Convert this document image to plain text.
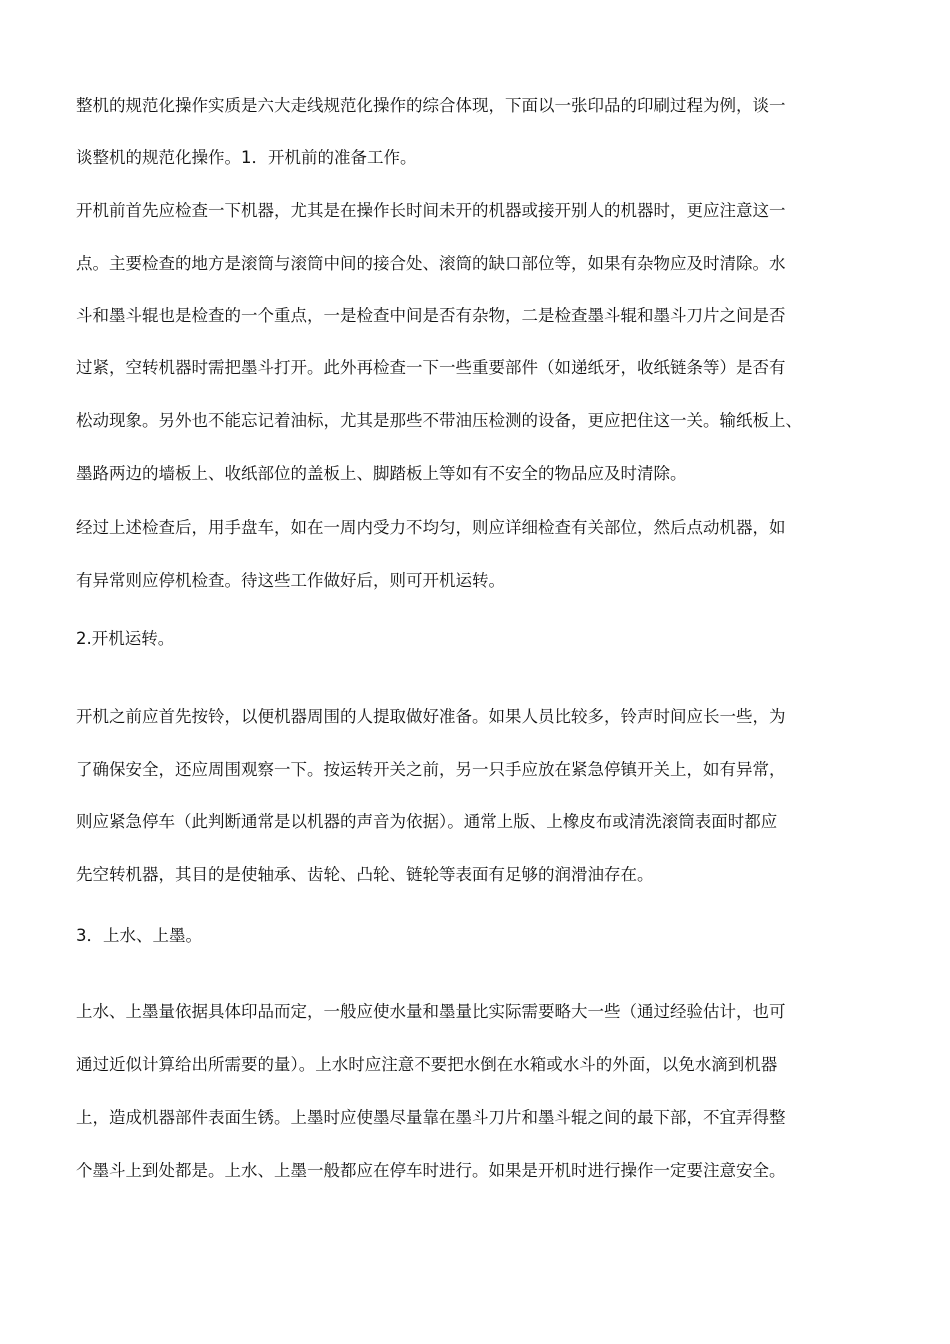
整机的规范化操作实质是六大走线规范化操作的综合体现，下面以一张印品的印刷过程为例，谈一
谈整机的规范化操作。1．开机前的准备工作。
开机前首先应检查一下机器，尤其是在操作长时间未开的机器或接开别人的机器时，更应注意这一
点。主要检查的地方是滚筒与滚筒中间的接合处、滚筒的缺口部位等，如果有杂物应及时清除。水
斗和墨斗辊也是检查的一个重点，一是检查中间是否有杂物，二是检查墨斗辊和墨斗刀片之间是否
过紧，空转机器时需把墨斗打开。此外再检查一下一些重要部件（如递纸牙，收纸链条等）是否有
松动现象。另外也不能忘记着油标，尤其是那些不带油压检测的设备，更应把住这一关。输纸板上、
墨路两边的墙板上、收纸部位的盖板上、脚踏板上等如有不安全的物品应及时清除。
经过上述检查后，用手盘车，如在一周内受力不均匀，则应详细检查有关部位，然后点动机器，如
有异常则应停机检查。待这些工作做好后，则可开机运转。
2.开机运转。
开机之前应首先按铃，以便机器周围的人提取做好准备。如果人员比较多，铃声时间应长一些，为
了确保安全，还应周围观察一下。按运转开关之前，另一只手应放在紧急停镇开关上，如有异常，
则应紧急停车（此判断通常是以机器的声音为依据）。通常上版、上橡皮布或清洗滚筒表面时都应
先空转机器，其目的是使轴承、齿轮、凸轮、链轮等表面有足够的润滑油存在。
3．上水、上墨。
上水、上墨量依据具体印品而定，一般应使水量和墨量比实际需要略大一些（通过经验估计，也可
通过近似计算给出所需要的量）。上水时应注意不要把水倒在水箱或水斗的外面，以免水滴到机器
上，造成机器部件表面生锈。上墨时应使墨尽量靠在墨斗刀片和墨斗辊之间的最下部，不宜弄得整
个墨斗上到处都是。上水、上墨一般都应在停车时进行。如果是开机时进行操作一定要注意安全。
